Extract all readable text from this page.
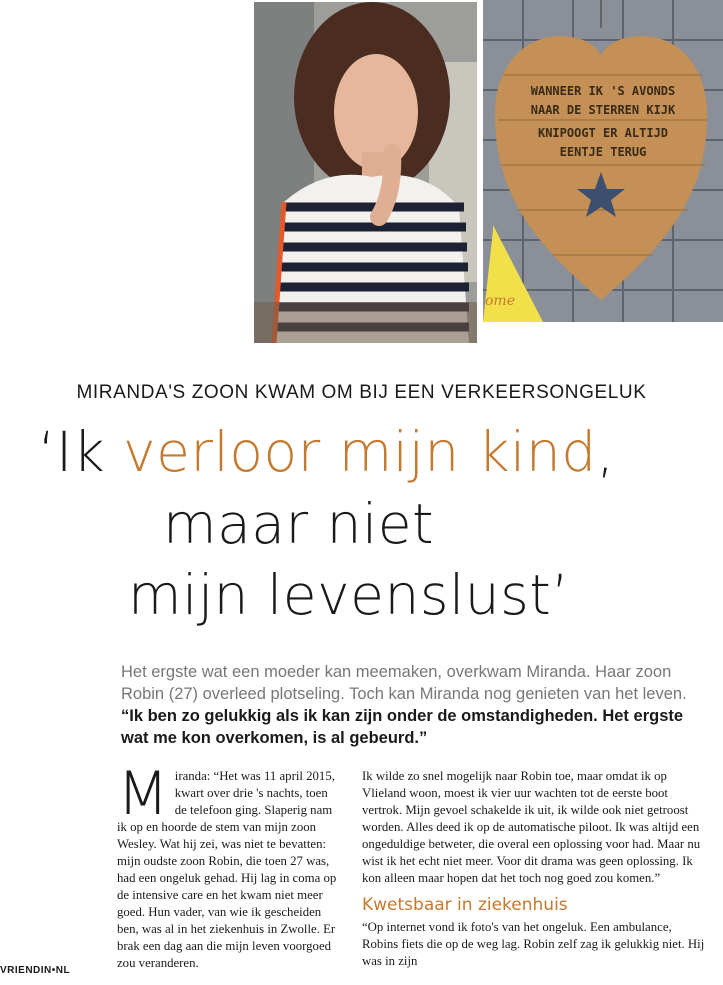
WANNEER IK 'S AVONDS
NAAR DE STERREN KIJK
KNIPOOGT ER ALTIJD
EENTJE TERUG
ome
MIRANDA'S ZOON KWAM OM BIJ EEN VERKEERSONGELUK
‘Ik verloor mijn kind,
maar niet
mijn levenslust’
Het ergste wat een moeder kan meemaken, overkwam Miranda. Haar zoon Robin (27) overleed plotseling. Toch kan Miranda nog genieten van het leven. “Ik ben zo gelukkig als ik kan zijn onder de omstandigheden. Het ergste wat me kon overkomen, is al gebeurd.”
M iranda: “Het was 11 april 2015, kwart over drie 's nachts, toen de telefoon ging. Slaperig nam ik op en hoorde de stem van mijn zoon Wesley. Wat hij zei, was niet te bevatten: mijn oudste zoon Robin, die toen 27 was, had een ongeluk gehad. Hij lag in coma op de intensive care en het kwam niet meer goed. Hun vader, van wie ik gescheiden ben, was al in het ziekenhuis in Zwolle. Er brak een dag aan die mijn leven voorgoed zou veranderen.

Ik wilde zo snel mogelijk naar Robin toe, maar omdat ik op Vlieland woon, moest ik vier uur wachten tot de eerste boot vertrok. Mijn gevoel schakelde ik uit, ik wilde ook niet getroost worden. Alles deed ik op de automatische piloot. Ik was altijd een ongeduldige betweter, die overal een oplossing voor had. Maar nu wist ik het echt niet meer. Voor dit drama was geen oplossing. Ik kon alleen maar hopen dat het toch nog goed zou komen.”

Kwetsbaar in ziekenhuis

“Op internet vond ik foto's van het ongeluk. Een ambulance, Robins fiets die op de weg lag. Robin zelf zag ik gelukkig niet. Hij was in zijn

VRIENDIN•NL
